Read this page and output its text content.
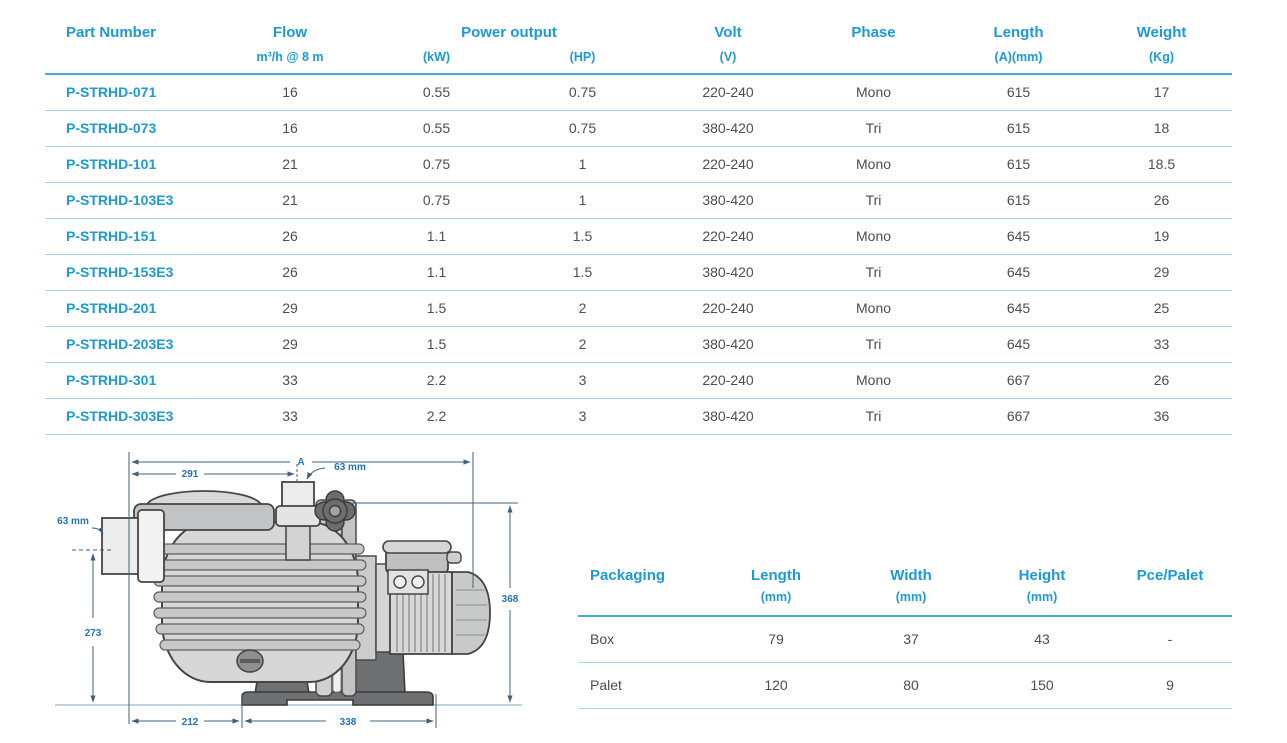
Part Number	Flow	Power output		Volt	Phase	Length	Weight
	m³/h @ 8 m	(kW)	(HP)	(V)		(A)(mm)	(Kg)
P-STRHD-071	16	0.55	0.75	220-240	Mono	615	17
P-STRHD-073	16	0.55	0.75	380-420	Tri	615	18
P-STRHD-101	21	0.75	1	220-240	Mono	615	18.5
P-STRHD-103E3	21	0.75	1	380-420	Tri	615	26
P-STRHD-151	26	1.1	1.5	220-240	Mono	645	19
P-STRHD-153E3	26	1.1	1.5	380-420	Tri	645	29
P-STRHD-201	29	1.5	2	220-240	Mono	645	25
P-STRHD-203E3	29	1.5	2	380-420	Tri	645	33
P-STRHD-301	33	2.2	3	220-240	Mono	667	26
P-STRHD-303E3	33	2.2	3	380-420	Tri	667	36
Packaging	Length	Width	Height	Pce/Palet
	(mm)	(mm)	(mm)	
Box	79	37	43	-
Palet	120	80	150	9
A
291
63 mm
63 mm
273
368
212	338
